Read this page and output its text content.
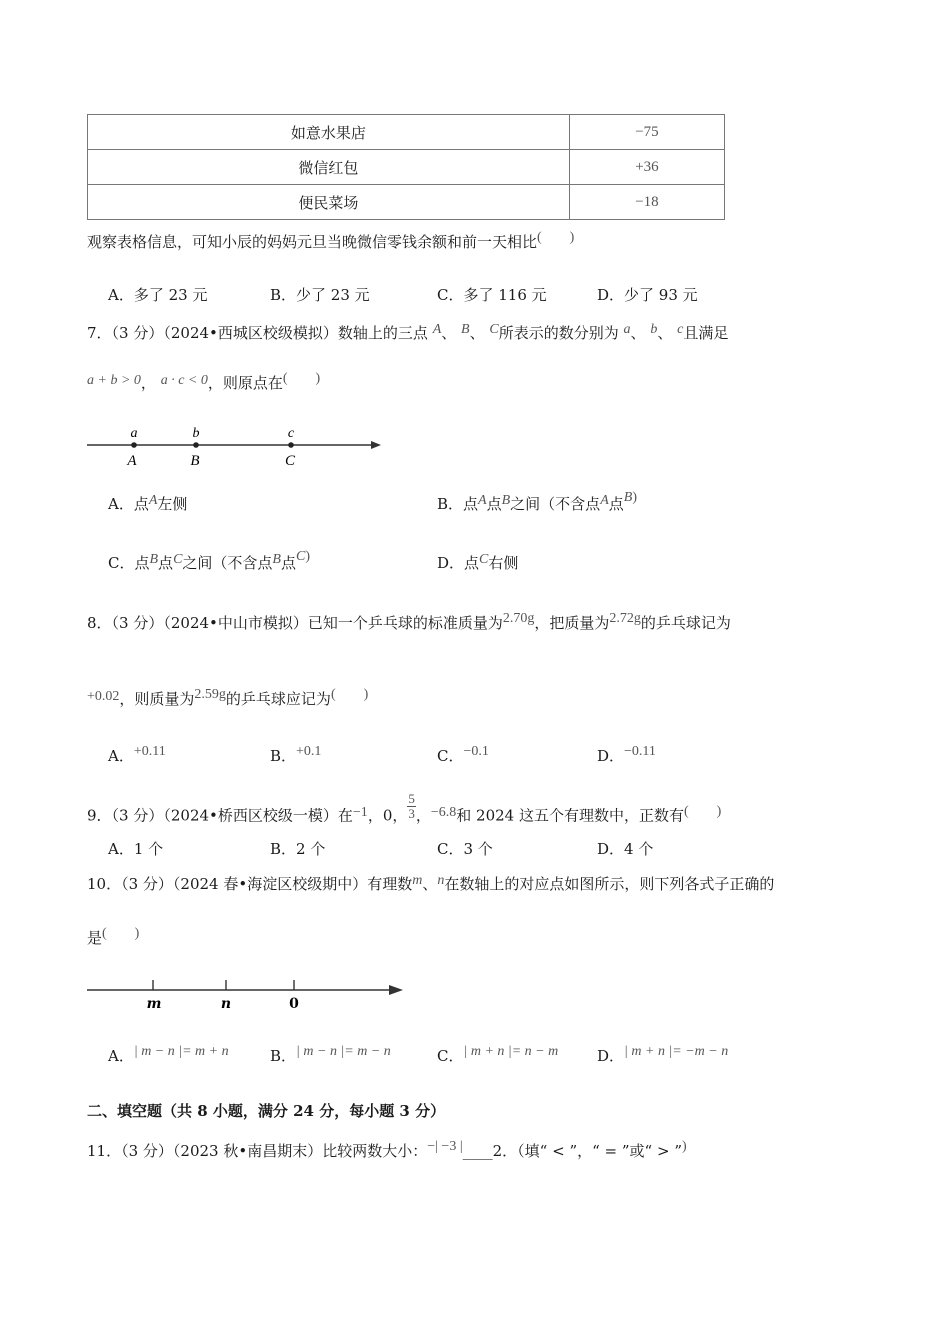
如意水果店	−75
微信红包	+36
便民菜场	−18
观察表格信息，可知小辰的妈妈元旦当晚微信零钱余额和前一天相比(　　)
A．多了 23 元	B．少了 23 元	C．多了 116 元	D．少了 93 元
7．（3 分）（2024•西城区校级模拟）数轴上的三点 A、 B、 C所表示的数分别为 a、 b、 c且满足
a + b > 0， a · c < 0，则原点在(　　)
a	b	c
A	B	C
A．点A左侧	B．点A点B之间（不含点A点B)
C．点B点C之间（不含点B点C)	D．点C右侧
8．（3 分）（2024•中山市模拟）已知一个乒乓球的标准质量为2.70g，把质量为2.72g的乒乓球记为
+0.02，则质量为2.59g的乒乓球应记为(　　)
A．+0.11	B．+0.1	C．−0.1	D．−0.11
9．（3 分）（2024•桥西区校级一模）在−1，0， $\frac{5}{3}$ ，−6.8和 2024 这五个有理数中，正数有(　　)
A．1 个	B．2 个	C．3 个	D．4 个
10．（3 分）（2024 春•海淀区校级期中）有理数m、n在数轴上的对应点如图所示，则下列各式子正确的
是(　　)
m	n	0
A．| m − n |= m + n	B．| m − n |= m − n	C．| m + n |= n − m	D．| m + n |= −m − n
二、填空题（共 8 小题，满分 24 分，每小题 3 分）
11．（3 分）（2023 秋•南昌期末）比较两数大小：−| −3 |____2．（填“ < ”，“ = ”或“ > ”)
